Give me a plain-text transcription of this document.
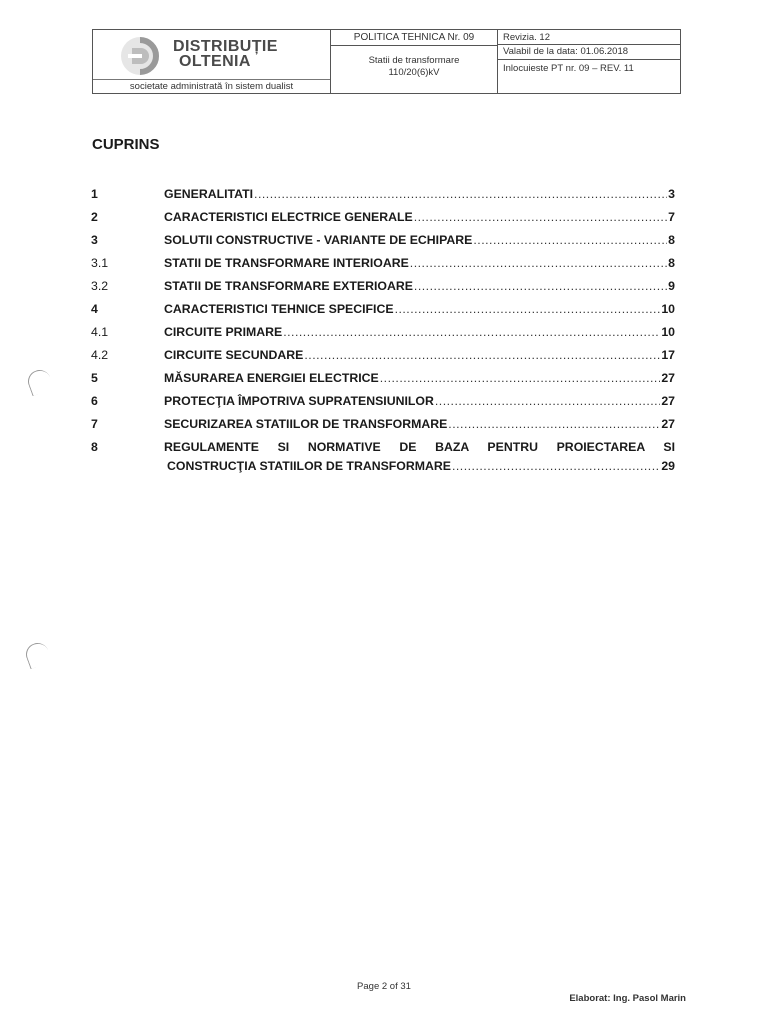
DISTRIBUȚIE
OLTENIA
societate administrată în sistem dualist
POLITICA TEHNICA Nr. 09
Statii de transformare
110/20(6)kV
Revizia. 12
Valabil de la data: 01.06.2018
Inlocuieste PT nr. 09 – REV. 11
CUPRINS
1	GENERALITATI .....	3
2	CARACTERISTICI ELECTRICE GENERALE .....	7
3	SOLUTII CONSTRUCTIVE - VARIANTE DE ECHIPARE .....	8
3.1	STATII DE TRANSFORMARE INTERIOARE .....	8
3.2	STATII DE TRANSFORMARE EXTERIOARE .....	9
4	CARACTERISTICI TEHNICE SPECIFICE .....	10
4.1	CIRCUITE PRIMARE .....	10
4.2	CIRCUITE SECUNDARE .....	17
5	MĂSURAREA ENERGIEI ELECTRICE .....	27
6	PROTECŢIA ÎMPOTRIVA SUPRATENSIUNILOR .....	27
7	SECURIZAREA STATIILOR DE TRANSFORMARE .....	27
8	REGULAMENTE SI NORMATIVE DE BAZA PENTRU PROIECTAREA SI
CONSTRUCŢIA STATIILOR DE TRANSFORMARE .....	29
Page 2 of 31
Elaborat: Ing. Pasol Marin
